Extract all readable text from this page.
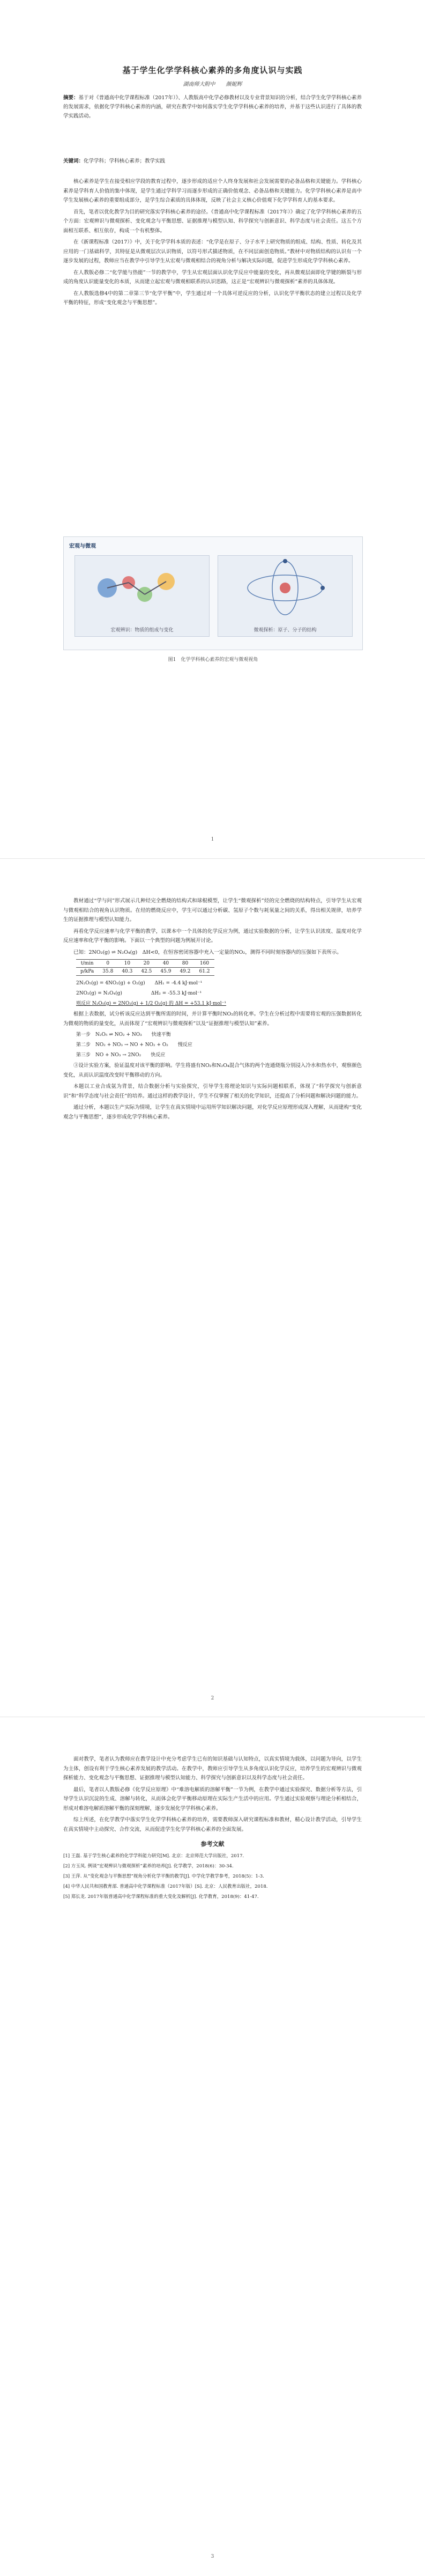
基于学生化学学科核心素养的多角度认识与实践
湖南师大附中　　颜妮辉
摘要：基于对《普通高中化学课程标准（2017年）》、人教版高中化学必修教材以及专业背景知识的分析，结合学生化学学科核心素养的发展需求，依据化学学科核心素养的内涵，研究在教学中如何落实学生化学学科核心素养的培养，并基于这些认识进行了具体的教学实践活动。
关键词：化学学科；学科核心素养；教学实践

核心素养是学生在接受相应学段的教育过程中，逐步形成的适应个人终身发展和社会发展需要的必备品格和关键能力。学科核心素养是学科育人价值的集中体现，是学生通过学科学习而逐步形成的正确价值观念、必备品格和关键能力。化学学科核心素养是高中学生发展核心素养的重要组成部分，是学生综合素质的具体体现，反映了社会主义核心价值观下化学学科育人的基本要求。

首先，笔者以优化教学为目的研究落实学科核心素养的途径。《普通高中化学课程标准（2017年）》确定了化学学科核心素养的五个方面：宏观辨识与微观探析、变化观念与平衡思想、证据推理与模型认知、科学探究与创新意识、科学态度与社会责任。这五个方面相互联系、相互依存，构成一个有机整体。

在《新课程标准（2017）》中，关于化学学科本质的表述：“化学是在原子、分子水平上研究物质的组成、结构、性质、转化及其应用的一门基础科学，其特征是从微观层次认识物质，以符号形式描述物质，在不同层面创造物质。”教材中对物质结构的认识有一个逐步发展的过程，教师应当在教学中引导学生从宏观与微观相结合的视角分析与解决实际问题，促进学生形成化学学科核心素养。

在人教版必修二“化学能与热能”一节的教学中，学生从宏观层面认识化学反应中能量的变化，再从微观层面即化学键的断裂与形成的角度认识能量变化的本质，从而建立起宏观与微观相联系的认识思路，这正是“宏观辨识与微观探析”素养的具体体现。

在人教版选修4中的第二章第三节“化学平衡”中，学生通过对一个具体可逆反应的分析，认识化学平衡状态的建立过程以及化学平衡的特征，形成“变化观念与平衡思想”。

宏观与微观
宏观辨识：物质的组成与变化	微观探析：原子、分子的结构
图1　化学学科核心素养的宏观与微观视角
1

教材通过“学与问”形式展示几种烃完全燃烧的结构式和球棍模型，让学生“微观探析”烃的完全燃烧的结构特点，引导学生从宏观与微观相结合的视角认识物质。在烃的燃烧反应中，学生可以通过分析碳、氢原子个数与耗氧量之间的关系，得出相关规律，培养学生的证据推理与模型认知能力。

再看化学反应速率与化学平衡的教学，以课本中一个具体的化学反应为例，通过实验数据的分析，让学生认识浓度、温度对化学反应速率和化学平衡的影响。下面以一个典型的问题为例展开讨论。

已知：2NO₂(g) ⇌ N₂O₄(g)　ΔH<0，在恒容密闭容器中充入一定量的NO₂，测得不同时刻容器内的压强如下表所示。

t/min	0	10	20	40	80	160
p/kPa	35.8	40.3	42.5	45.9	49.2	61.2
2N₂O₅(g) = 4NO₂(g) + O₂(g)　　ΔH₁ = -4.4 kJ·mol⁻¹
2NO₂(g) = N₂O₄(g)　　　　　　ΔH₂ = -55.3 kJ·mol⁻¹
则反应 N₂O₅(g) = 2NO₂(g) + 1/2 O₂(g) 的 ΔH = +53.1 kJ·mol⁻¹

根据上表数据，试分析该反应达到平衡所需的时间，并计算平衡时NO₂的转化率。学生在分析过程中需要将宏观的压强数据转化为微观的物质的量变化，从而体现了“宏观辨识与微观探析”以及“证据推理与模型认知”素养。

第一步　N₂O₅ ⇌ NO₂ + NO₃　　快速平衡
第二步　NO₂ + NO₃ → NO + NO₂ + O₂　　慢反应
第三步　NO + NO₃ → 2NO₂　　快反应

③设计实验方案，验证温度对该平衡的影响。学生将盛有NO₂和N₂O₄混合气体的两个连通烧瓶分别浸入冷水和热水中，观察颜色变化，从而认识温度改变时平衡移动的方向。

本题以工业合成氨为背景，结合数据分析与实验探究，引导学生将理论知识与实际问题相联系，体现了“科学探究与创新意识”和“科学态度与社会责任”的培养。通过这样的教学设计，学生不仅掌握了相关的化学知识，还提高了分析问题和解决问题的能力。

通过分析，本题以生产实际为情境，让学生在真实情境中运用所学知识解决问题，对化学反应原理形成深入理解，从而建构“变化观念与平衡思想”，逐步形成化学学科核心素养。

2

面对教学，笔者认为教师应在教学设计中充分考虑学生已有的知识基础与认知特点，以真实情境为载体，以问题为导向，以学生为主体，创设有利于学生核心素养发展的教学活动。在教学中，教师应引导学生从多角度认识化学反应，培养学生的宏观辨识与微观探析能力、变化观念与平衡思想、证据推理与模型认知能力、科学探究与创新意识以及科学态度与社会责任。

最后，笔者以人教版必修《化学反应原理》中“难溶电解质的溶解平衡”一节为例，在教学中通过实验探究、数据分析等方法，引导学生认识沉淀的生成、溶解与转化，从而体会化学平衡移动原理在实际生产生活中的应用。学生通过实验观察与理论分析相结合，形成对难溶电解质溶解平衡的深刻理解，逐步发展化学学科核心素养。

综上所述，在化学教学中落实学生化学学科核心素养的培养，需要教师深入研究课程标准和教材，精心设计教学活动，引导学生在真实情境中主动探究、合作交流，从而促进学生化学学科核心素养的全面发展。

参考文献
[1] 王磊. 基于学生核心素养的化学学科能力研究[M]. 北京：北京师范大学出版社，2017.
[2] 方玉凤. 例谈“宏观辨识与微观探析”素养的培养[J]. 化学教学，2018(6)：30-34.
[3] 王萍. 从“变化观念与平衡思想”视角分析化学平衡的教学[J]. 中学化学教学参考，2018(5)：1-3.
[4] 中华人民共和国教育部. 普通高中化学课程标准（2017年版）[S]. 北京：人民教育出版社，2018.
[5] 郑长龙. 2017年版普通高中化学课程标准的重大变化及解析[J]. 化学教育，2018(9)：41-47.
3
